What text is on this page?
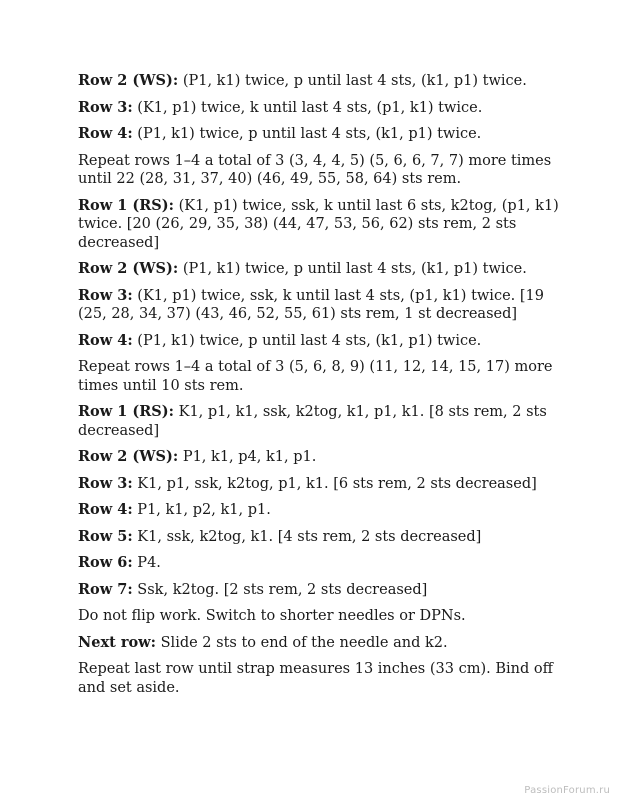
Row 2 (WS): (P1, k1) twice, p until last 4 sts, (k1, p1) twice.

Row 3: (K1, p1) twice, k until last 4 sts, (p1, k1) twice.

Row 4: (P1, k1) twice, p until last 4 sts, (k1, p1) twice.

Repeat rows 1–4 a total of 3 (3, 4, 4, 5) (5, 6, 6, 7, 7) more times until 22 (28, 31, 37, 40) (46, 49, 55, 58, 64) sts rem.

Row 1 (RS): (K1, p1) twice, ssk, k until last 6 sts, k2tog, (p1, k1) twice. [20 (26, 29, 35, 38) (44, 47, 53, 56, 62) sts rem, 2 sts decreased]

Row 2 (WS): (P1, k1) twice, p until last 4 sts, (k1, p1) twice.

Row 3: (K1, p1) twice, ssk, k until last 4 sts, (p1, k1) twice. [19 (25, 28, 34, 37) (43, 46, 52, 55, 61) sts rem, 1 st decreased]

Row 4: (P1, k1) twice, p until last 4 sts, (k1, p1) twice.

Repeat rows 1–4 a total of 3 (5, 6, 8, 9) (11, 12, 14, 15, 17) more times until 10 sts rem.

Row 1 (RS): K1, p1, k1, ssk, k2tog, k1, p1, k1. [8 sts rem, 2 sts decreased]

Row 2 (WS): P1, k1, p4, k1, p1.

Row 3: K1, p1, ssk, k2tog, p1, k1. [6 sts rem, 2 sts decreased]

Row 4: P1, k1, p2, k1, p1.

Row 5: K1, ssk, k2tog, k1. [4 sts rem, 2 sts decreased]

Row 6: P4.

Row 7: Ssk, k2tog. [2 sts rem, 2 sts decreased]

Do not flip work. Switch to shorter needles or DPNs.

Next row: Slide 2 sts to end of the needle and k2.

Repeat last row until strap measures 13 inches (33 cm). Bind off and set aside.

PassionForum.ru
